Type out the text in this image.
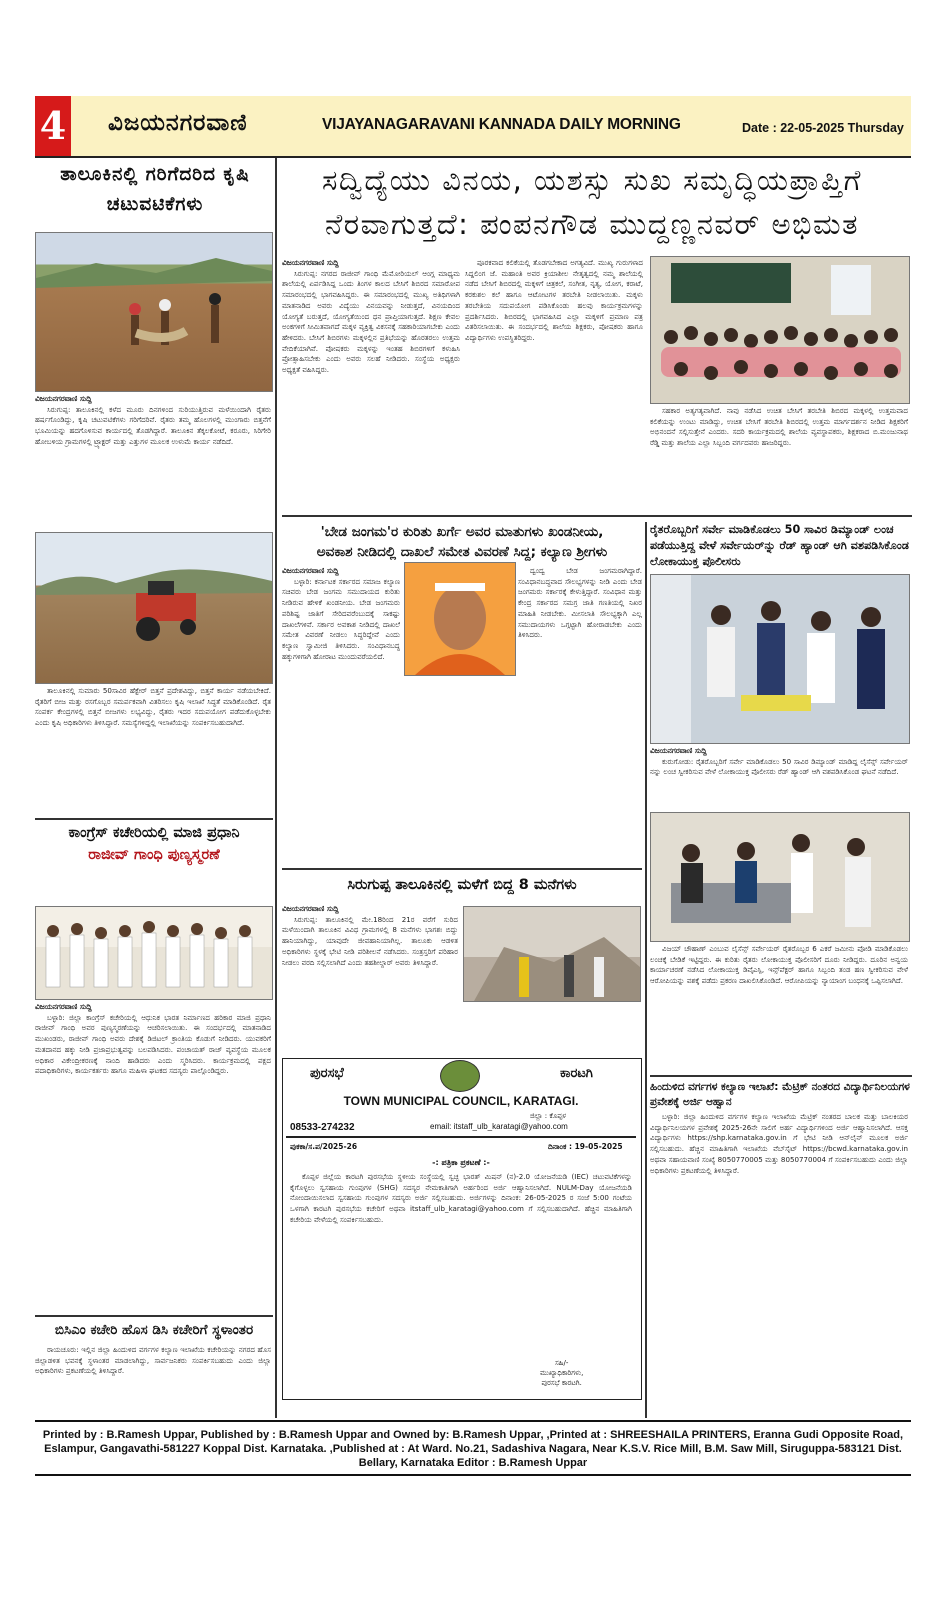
4 ವಿಜಯನಗರವಾಣಿ	VIJAYANAGARAVANI KANNADA DAILY MORNING	Date : 22-05-2025 Thursday
ತಾಲೂಕಿನಲ್ಲಿ ಗರಿಗೆದರಿದ ಕೃಷಿ ಚಟುವಟಿಕೆಗಳು
ವಿಜಯನಗರವಾಣಿ ಸುದ್ದಿ

ಸಿರುಗುಪ್ಪ: ತಾಲೂಕಿನಲ್ಲಿ ಕಳೆದ ಮೂರು ದಿನಗಳಿಂದ ಸುರಿಯುತ್ತಿರುವ ಮಳೆಯಿಂದಾಗಿ ರೈತರು ಹರ್ಷಗೊಂಡಿದ್ದು, ಕೃಷಿ ಚಟುವಟಿಕೆಗಳು ಗರಿಗೆದರಿವೆ. ರೈತರು ತಮ್ಮ ಹೊಲಗಳಲ್ಲಿ ಮುಂಗಾರು ಬಿತ್ತನೆಗೆ ಭೂಮಿಯನ್ನು ಹದಗೊಳಿಸುವ ಕಾರ್ಯದಲ್ಲಿ ತೊಡಗಿದ್ದಾರೆ. ತಾಲೂಕಿನ ತೆಕ್ಕಲಕೋಟೆ, ಕರೂರು, ಸಿರಿಗೇರಿ ಹೋಬಳಿಯ ಗ್ರಾಮಗಳಲ್ಲಿ ಟ್ರ್ಯಾಕ್ಟರ್ ಮತ್ತು ಎತ್ತುಗಳ ಮೂಲಕ ಉಳುಮೆ ಕಾರ್ಯ ನಡೆದಿದೆ.

ತಾಲೂಕಿನಲ್ಲಿ ಸುಮಾರು 50ಸಾವಿರ ಹೆಕ್ಟೇರ್ ಬಿತ್ತನೆ ಪ್ರದೇಶವಿದ್ದು, ಬಿತ್ತನೆ ಕಾರ್ಯ ನಡೆಯಬೇಕಿದೆ. ರೈತರಿಗೆ ಬೀಜ ಮತ್ತು ರಸಗೊಬ್ಬರ ಸಮರ್ಪಕವಾಗಿ ವಿತರಿಸಲು ಕೃಷಿ ಇಲಾಖೆ ಸಿದ್ಧತೆ ಮಾಡಿಕೊಂಡಿದೆ. ರೈತ ಸಂಪರ್ಕ ಕೇಂದ್ರಗಳಲ್ಲಿ ಬಿತ್ತನೆ ಬೀಜಗಳು ಲಭ್ಯವಿದ್ದು, ರೈತರು ಇದರ ಸದುಪಯೋಗ ಪಡೆದುಕೊಳ್ಳಬೇಕು ಎಂದು ಕೃಷಿ ಅಧಿಕಾರಿಗಳು ತಿಳಿಸಿದ್ದಾರೆ. ಸಮಸ್ಯೆಗಳಿದ್ದಲ್ಲಿ ಇಲಾಖೆಯನ್ನು ಸಂಪರ್ಕಿಸಬಹುದಾಗಿದೆ.

ಕಾಂಗ್ರೆಸ್ ಕಚೇರಿಯಲ್ಲಿ ಮಾಜಿ ಪ್ರಧಾನಿ
ರಾಜೀವ್ ಗಾಂಧಿ ಪುಣ್ಯಸ್ಮರಣೆ
ವಿಜಯನಗರವಾಣಿ ಸುದ್ದಿ

ಬಳ್ಳಾರಿ: ಜಿಲ್ಲಾ ಕಾಂಗ್ರೆಸ್ ಕಚೇರಿಯಲ್ಲಿ ಆಧುನಿಕ ಭಾರತ ನಿರ್ಮಾಣದ ಹರಿಕಾರ ಮಾಜಿ ಪ್ರಧಾನಿ ರಾಜೀವ್ ಗಾಂಧಿ ಅವರ ಪುಣ್ಯಸ್ಮರಣೆಯನ್ನು ಆಚರಿಸಲಾಯಿತು. ಈ ಸಂದರ್ಭದಲ್ಲಿ ಮಾತನಾಡಿದ ಮುಖಂಡರು, ರಾಜೀವ್ ಗಾಂಧಿ ಅವರು ದೇಶಕ್ಕೆ ಡಿಜಿಟಲ್ ಕ್ರಾಂತಿಯ ಕೊಡುಗೆ ನೀಡಿದರು. ಯುವಕರಿಗೆ ಮತದಾನದ ಹಕ್ಕು ನೀಡಿ ಪ್ರಜಾಪ್ರಭುತ್ವವನ್ನು ಬಲಪಡಿಸಿದರು. ಪಂಚಾಯತ್ ರಾಜ್ ವ್ಯವಸ್ಥೆಯ ಮೂಲಕ ಅಧಿಕಾರ ವಿಕೇಂದ್ರೀಕರಣಕ್ಕೆ ನಾಂದಿ ಹಾಡಿದರು ಎಂದು ಸ್ಮರಿಸಿದರು. ಕಾರ್ಯಕ್ರಮದಲ್ಲಿ ಪಕ್ಷದ ಪದಾಧಿಕಾರಿಗಳು, ಕಾರ್ಯಕರ್ತರು ಹಾಗೂ ಮಹಿಳಾ ಘಟಕದ ಸದಸ್ಯರು ಪಾಲ್ಗೊಂಡಿದ್ದರು.

ಬಿಸಿಎಂ ಕಚೇರಿ ಹೊಸ ಡಿಸಿ ಕಚೇರಿಗೆ ಸ್ಥಳಾಂತರ

ರಾಯಚೂರು: ಇಲ್ಲಿನ ಜಿಲ್ಲಾ ಹಿಂದುಳಿದ ವರ್ಗಗಳ ಕಲ್ಯಾಣ ಇಲಾಖೆಯ ಕಚೇರಿಯನ್ನು ನಗರದ ಹೊಸ ಜಿಲ್ಲಾಡಳಿತ ಭವನಕ್ಕೆ ಸ್ಥಳಾಂತರ ಮಾಡಲಾಗಿದ್ದು, ಸಾರ್ವಜನಿಕರು ಸಂಪರ್ಕಿಸಬಹುದು ಎಂದು ಜಿಲ್ಲಾ ಅಧಿಕಾರಿಗಳು ಪ್ರಕಟಣೆಯಲ್ಲಿ ತಿಳಿಸಿದ್ದಾರೆ.

ಸದ್ವಿದ್ಯೆಯು ವಿನಯ, ಯಶಸ್ಸು ಸುಖ ಸಮೃದ್ಧಿಯಪ್ರಾಪ್ತಿಗೆ
ನೆರವಾಗುತ್ತದೆ: ಪಂಪನಗೌಡ ಮುದ್ದಣ್ಣನವರ್ ಅಭಿಮತ
ವಿಜಯನಗರವಾಣಿ ಸುದ್ದಿ

ಸಿರುಗುಪ್ಪ: ನಗರದ ರಾಜೀವ್ ಗಾಂಧಿ ಮೆಮೋರಿಯಲ್ ಆಂಗ್ಲ ಮಾಧ್ಯಮ ಶಾಲೆಯಲ್ಲಿ ಏರ್ಪಡಿಸಿದ್ದ ಒಂದು ತಿಂಗಳ ಕಾಲದ ಬೇಸಿಗೆ ಶಿಬಿರದ ಸಮಾರೋಪ ಸಮಾರಂಭದಲ್ಲಿ ಭಾಗವಹಿಸಿದ್ದರು. ಈ ಸಮಾರಂಭದಲ್ಲಿ ಮುಖ್ಯ ಅತಿಥಿಗಳಾಗಿ ಮಾತನಾಡಿದ ಅವರು ವಿದ್ಯೆಯು ವಿನಯವನ್ನು ನೀಡುತ್ತದೆ, ವಿನಯದಿಂದ ಯೋಗ್ಯತೆ ಬರುತ್ತದೆ, ಯೋಗ್ಯತೆಯಿಂದ ಧನ ಪ್ರಾಪ್ತಿಯಾಗುತ್ತದೆ. ಶಿಕ್ಷಣ ಕೇವಲ ಅಂಕಗಳಿಗೆ ಸೀಮಿತವಾಗದೆ ಮಕ್ಕಳ ವ್ಯಕ್ತಿತ್ವ ವಿಕಸನಕ್ಕೆ ಸಹಕಾರಿಯಾಗಬೇಕು ಎಂದು ಹೇಳಿದರು. ಬೇಸಿಗೆ ಶಿಬಿರಗಳು ಮಕ್ಕಳಲ್ಲಿನ ಪ್ರತಿಭೆಯನ್ನು ಹೊರತರಲು ಉತ್ತಮ ವೇದಿಕೆಯಾಗಿವೆ. ಪೋಷಕರು ಮಕ್ಕಳನ್ನು ಇಂತಹ ಶಿಬಿರಗಳಿಗೆ ಕಳುಹಿಸಿ ಪ್ರೋತ್ಸಾಹಿಸಬೇಕು ಎಂದು ಅವರು ಸಲಹೆ ನೀಡಿದರು. ಸಂಸ್ಥೆಯ ಅಧ್ಯಕ್ಷರು ಅಧ್ಯಕ್ಷತೆ ವಹಿಸಿದ್ದರು.

ಪೂರಕವಾದ ಕಲಿಕೆಯಲ್ಲಿ ತೊಡಗಬೇಕಾದ ಅಗತ್ಯವಿದೆ. ಮುಖ್ಯ ಗುರುಗಳಾದ ಸಿದ್ದಲಿಂಗ ಜೆ. ಮಹಾಂತಿ ಅವರ ಕ್ರಿಯಾಶೀಲ ನೇತೃತ್ವದಲ್ಲಿ ನಮ್ಮ ಶಾಲೆಯಲ್ಲಿ ನಡೆದ ಬೇಸಿಗೆ ಶಿಬಿರದಲ್ಲಿ ಮಕ್ಕಳಿಗೆ ಚಿತ್ರಕಲೆ, ಸಂಗೀತ, ನೃತ್ಯ, ಯೋಗ, ಕರಾಟೆ, ಕರಕುಶಲ ಕಲೆ ಹಾಗೂ ಆಟೋಟಗಳ ತರಬೇತಿ ನೀಡಲಾಯಿತು. ಮಕ್ಕಳು ತರಬೇತಿಯ ಸದುಪಯೋಗ ಪಡಿಸಿಕೊಂಡು ಹಲವು ಕಾರ್ಯಕ್ರಮಗಳನ್ನು ಪ್ರದರ್ಶಿಸಿದರು. ಶಿಬಿರದಲ್ಲಿ ಭಾಗವಹಿಸಿದ ಎಲ್ಲಾ ಮಕ್ಕಳಿಗೆ ಪ್ರಮಾಣ ಪತ್ರ ವಿತರಿಸಲಾಯಿತು. ಈ ಸಂದರ್ಭದಲ್ಲಿ ಶಾಲೆಯ ಶಿಕ್ಷಕರು, ಪೋಷಕರು ಹಾಗೂ ವಿದ್ಯಾರ್ಥಿಗಳು ಉಪಸ್ಥಿತರಿದ್ದರು.

ಸಹಕಾರ ಅತ್ಯಗತ್ಯವಾಗಿದೆ. ನಾವು ನಡೆಸಿದ ಉಚಿತ ಬೇಸಿಗೆ ತರಬೇತಿ ಶಿಬಿರದ ಮಕ್ಕಳಲ್ಲಿ ಉತ್ತಮವಾದ ಕಲಿಕೆಯನ್ನು ಉಂಟು ಮಾಡಿದ್ದು, ಉಚಿತ ಬೇಸಿಗೆ ತರಬೇತಿ ಶಿಬಿರದಲ್ಲಿ ಉತ್ತಮ ಮಾರ್ಗದರ್ಶನ ನೀಡಿದ ಶಿಕ್ಷಕರಿಗೆ ಅಭಿನಂದನೆ ಸಲ್ಲಿಸುತ್ತೇನೆ ಎಂದರು. ಸದರಿ ಕಾರ್ಯಕ್ರಮದಲ್ಲಿ ಶಾಲೆಯ ವ್ಯವಸ್ಥಾಪಕರು, ಶಿಕ್ಷಕರಾದ ಬಿ.ಮಂಜುನಾಥ ರೆಡ್ಡಿ ಮತ್ತು ಶಾಲೆಯ ಎಲ್ಲಾ ಸಿಬ್ಬಂದಿ ವರ್ಗದವರು ಹಾಜರಿದ್ದರು.

'ಬೇಡ ಜಂಗಮ'ರ ಕುರಿತು ಖರ್ಗೆ ಅವರ ಮಾತುಗಳು ಖಂಡನೀಯ,
ಅವಕಾಶ ನೀಡಿದಲ್ಲಿ ದಾಖಲೆ ಸಮೇತ ವಿವರಣೆ ಸಿದ್ದ; ಕಲ್ಯಾಣ ಶ್ರೀಗಳು
ವಿಜಯನಗರವಾಣಿ ಸುದ್ದಿ

ಬಳ್ಳಾರಿ: ಕರ್ನಾಟಕ ಸರ್ಕಾರದ ಸಮಾಜ ಕಲ್ಯಾಣ ಸಚಿವರು ಬೇಡ ಜಂಗಮ ಸಮುದಾಯದ ಕುರಿತು ನೀಡಿರುವ ಹೇಳಿಕೆ ಖಂಡನೀಯ. ಬೇಡ ಜಂಗಮರು ಪರಿಶಿಷ್ಟ ಜಾತಿಗೆ ಸೇರಿದವರೆಂಬುದಕ್ಕೆ ಸಾಕಷ್ಟು ದಾಖಲೆಗಳಿವೆ. ಸರ್ಕಾರ ಅವಕಾಶ ನೀಡಿದಲ್ಲಿ ದಾಖಲೆ ಸಮೇತ ವಿವರಣೆ ನೀಡಲು ಸಿದ್ಧರಿದ್ದೇವೆ ಎಂದು ಕಲ್ಯಾಣ ಸ್ವಾಮೀಜಿ ತಿಳಿಸಿದರು. ಸಂವಿಧಾನಬದ್ಧ ಹಕ್ಕುಗಳಿಗಾಗಿ ಹೋರಾಟ ಮುಂದುವರೆಯಲಿದೆ.

ದ್ವಂದ್ವ ಬೇಡ ಜಂಗಮರಾಗಿದ್ದಾರೆ. ಸಂವಿಧಾನಬದ್ಧವಾದ ಸೌಲಭ್ಯಗಳನ್ನು ನೀಡಿ ಎಂದು ಬೇಡ ಜಂಗಮರು ಸರ್ಕಾರಕ್ಕೆ ಕೇಳುತ್ತಿದ್ದಾರೆ. ಸಂವಿಧಾನ ಮತ್ತು ಕೇಂದ್ರ ಸರ್ಕಾರದ ಸಮಗ್ರ ಜಾತಿ ಗಣತಿಯಲ್ಲಿ ನಿಖರ ಮಾಹಿತಿ ನೀಡಬೇಕು. ಮೀಸಲಾತಿ ಸೌಲಭ್ಯಕ್ಕಾಗಿ ಎಲ್ಲ ಸಮುದಾಯಗಳು ಒಗ್ಗಟ್ಟಾಗಿ ಹೋರಾಡಬೇಕು ಎಂದು ತಿಳಿಸಿದರು.

ಸಿರುಗುಪ್ಪ ತಾಲೂಕಿನಲ್ಲಿ ಮಳೆಗೆ ಬಿದ್ದ 8 ಮನೆಗಳು
ವಿಜಯನಗರವಾಣಿ ಸುದ್ದಿ

ಸಿರುಗುಪ್ಪ: ತಾಲೂಕಿನಲ್ಲಿ ಮೇ.18ರಿಂದ 21ರ ವರೆಗೆ ಸುರಿದ ಮಳೆಯಿಂದಾಗಿ ತಾಲೂಕಿನ ವಿವಿಧ ಗ್ರಾಮಗಳಲ್ಲಿ 8 ಮನೆಗಳು ಭಾಗಶಃ ಬಿದ್ದು ಹಾನಿಯಾಗಿದ್ದು, ಯಾವುದೇ ಜೀವಹಾನಿಯಾಗಿಲ್ಲ. ತಾಲೂಕು ಆಡಳಿತ ಅಧಿಕಾರಿಗಳು ಸ್ಥಳಕ್ಕೆ ಭೇಟಿ ನೀಡಿ ಪರಿಶೀಲನೆ ನಡೆಸಿದರು. ಸಂತ್ರಸ್ತರಿಗೆ ಪರಿಹಾರ ನೀಡಲು ವರದಿ ಸಲ್ಲಿಸಲಾಗಿದೆ ಎಂದು ತಹಶೀಲ್ದಾರ್ ಅವರು ತಿಳಿಸಿದ್ದಾರೆ.

ಪುರಸಭೆ	ಕಾರಟಗಿ
TOWN MUNICIPAL COUNCIL, KARATAGI.
ಜಿಲ್ಲಾ : ಕೊಪ್ಪಳ
08533-274232	email: itstaff_ulb_karatagi@yahoo.com
ಪುಕಕಾ/ಸ.ಪ/2025-26	ದಿನಾಂಕ : 19-05-2025
-: ಪತ್ರಿಕಾ ಪ್ರಕಟಣೆ :-

ಕೊಪ್ಪಳ ಜಿಲ್ಲೆಯ ಕಾರಟಗಿ ಪುರಸಭೆಯ ಸ್ಥಳೀಯ ಸಂಸ್ಥೆಯಲ್ಲಿ ಸ್ವಚ್ಛ ಭಾರತ್ ಮಿಷನ್ (ನ)-2.0 ಯೋಜನೆಯಡಿ (IEC) ಚಟುವಟಿಕೆಗಳನ್ನು ಕೈಗೊಳ್ಳಲು ಸ್ವಸಹಾಯ ಗುಂಪುಗಳ (SHG) ಸದಸ್ಯರ ನೇಮಕಾತಿಗಾಗಿ ಅರ್ಹರಿಂದ ಅರ್ಜಿ ಆಹ್ವಾನಿಸಲಾಗಿದೆ. NULM-Day ಯೋಜನೆಯಡಿ ನೋಂದಾಯಿಸಲಾದ ಸ್ವಸಹಾಯ ಗುಂಪುಗಳ ಸದಸ್ಯರು ಅರ್ಜಿ ಸಲ್ಲಿಸಬಹುದು. ಅರ್ಜಿಗಳನ್ನು ದಿನಾಂಕ: 26-05-2025 ರ ಸಂಜೆ 5:00 ಗಂಟೆಯ ಒಳಗಾಗಿ ಕಾರಟಗಿ ಪುರಸಭೆಯ ಕಚೇರಿಗೆ ಅಥವಾ itstaff_ulb_karatagi@yahoo.com ಗೆ ಸಲ್ಲಿಸಬಹುದಾಗಿದೆ. ಹೆಚ್ಚಿನ ಮಾಹಿತಿಗಾಗಿ ಕಚೇರಿಯ ವೇಳೆಯಲ್ಲಿ ಸಂಪರ್ಕಿಸಬಹುದು.

ಸಹಿ/-
ಮುಖ್ಯಾಧಿಕಾರಿಗಳು,
ಪುರಸಭೆ ಕಾರಟಗಿ.
ರೈತರೊಬ್ಬರಿಗೆ ಸರ್ವೇ ಮಾಡಿಕೊಡಲು 50 ಸಾವಿರ ಡಿಮ್ಯಾಂಡ್ ಲಂಚ ಪಡೆಯುತ್ತಿದ್ದ ವೇಳೆ ಸರ್ವೇಯರ್‌ನ್ನು ರೆಡ್ ಹ್ಯಾಂಡ್ ಆಗಿ ವಶಪಡಿಸಿಕೊಂಡ ಲೋಕಾಯುಕ್ತ ಪೊಲೀಸರು
ವಿಜಯನಗರವಾಣಿ ಸುದ್ದಿ

ಕುರುಗೋಡು: ರೈತರೊಬ್ಬರಿಗೆ ಸರ್ವೇ ಮಾಡಿಕೊಡಲು 50 ಸಾವಿರ ಡಿಮ್ಯಾಂಡ್ ಮಾಡಿದ್ದ ಲೈಸೆನ್ಸ್ ಸರ್ವೇಯರ್ ನನ್ನು ಲಂಚ ಸ್ವೀಕರಿಸುವ ವೇಳೆ ಲೋಕಾಯುಕ್ತ ಪೊಲೀಸರು ರೆಡ್ ಹ್ಯಾಂಡ್ ಆಗಿ ವಶಪಡಿಸಿಕೊಂಡ ಘಟನೆ ನಡೆದಿದೆ.

ವಿಜಯ್ ಚೌಹಾಣ್ ಎಂಬುವ ಲೈಸೆನ್ಸ್ ಸರ್ವೇಯರ್ ರೈತರೊಬ್ಬರ 6 ಎಕರೆ ಜಮೀನು ಪೋಡಿ ಮಾಡಿಕೊಡಲು ಲಂಚಕ್ಕೆ ಬೇಡಿಕೆ ಇಟ್ಟಿದ್ದರು. ಈ ಕುರಿತು ರೈತರು ಲೋಕಾಯುಕ್ತ ಪೊಲೀಸರಿಗೆ ದೂರು ನೀಡಿದ್ದರು. ದೂರಿನ ಅನ್ವಯ ಕಾರ್ಯಾಚರಣೆ ನಡೆಸಿದ ಲೋಕಾಯುಕ್ತ ಡಿವೈಎಸ್ಪಿ, ಇನ್ಸ್‌ಪೆಕ್ಟರ್ ಹಾಗೂ ಸಿಬ್ಬಂದಿ ತಂಡ ಹಣ ಸ್ವೀಕರಿಸುವ ವೇಳೆ ಆರೋಪಿಯನ್ನು ವಶಕ್ಕೆ ಪಡೆದು ಪ್ರಕರಣ ದಾಖಲಿಸಿಕೊಂಡಿದೆ. ಆರೋಪಿಯನ್ನು ನ್ಯಾಯಾಂಗ ಬಂಧನಕ್ಕೆ ಒಪ್ಪಿಸಲಾಗಿದೆ.

ಹಿಂದುಳಿದ ವರ್ಗಗಳ ಕಲ್ಯಾಣ ಇಲಾಖೆ: ಮೆಟ್ರಿಕ್ ನಂತರದ ವಿದ್ಯಾರ್ಥಿನಿಲಯಗಳ ಪ್ರವೇಶಕ್ಕೆ ಅರ್ಜಿ ಆಹ್ವಾನ

ಬಳ್ಳಾರಿ: ಜಿಲ್ಲಾ ಹಿಂದುಳಿದ ವರ್ಗಗಳ ಕಲ್ಯಾಣ ಇಲಾಖೆಯ ಮೆಟ್ರಿಕ್ ನಂತರದ ಬಾಲಕ ಮತ್ತು ಬಾಲಕಿಯರ ವಿದ್ಯಾರ್ಥಿನಿಲಯಗಳ ಪ್ರವೇಶಕ್ಕೆ 2025-26ನೇ ಸಾಲಿಗೆ ಅರ್ಹ ವಿದ್ಯಾರ್ಥಿಗಳಿಂದ ಅರ್ಜಿ ಆಹ್ವಾನಿಸಲಾಗಿದೆ. ಆಸಕ್ತ ವಿದ್ಯಾರ್ಥಿಗಳು https://shp.karnataka.gov.in ಗೆ ಭೇಟಿ ನೀಡಿ ಆನ್‌ಲೈನ್ ಮೂಲಕ ಅರ್ಜಿ ಸಲ್ಲಿಸಬಹುದು. ಹೆಚ್ಚಿನ ಮಾಹಿತಿಗಾಗಿ ಇಲಾಖೆಯ ವೆಬ್‌ಸೈಟ್ https://bcwd.karnataka.gov.in ಅಥವಾ ಸಹಾಯವಾಣಿ ಸಂಖ್ಯೆ 8050770005 ಮತ್ತು 8050770004 ಗೆ ಸಂಪರ್ಕಿಸಬಹುದು ಎಂದು ಜಿಲ್ಲಾ ಅಧಿಕಾರಿಗಳು ಪ್ರಕಟಣೆಯಲ್ಲಿ ತಿಳಿಸಿದ್ದಾರೆ.

Printed by : B.Ramesh Uppar, Published by : B.Ramesh Uppar and Owned by: B.Ramesh Uppar, ,Printed at : SHREESHAILA PRINTERS, Eranna Gudi Opposite Road,
Eslampur, Gangavathi-581227 Koppal Dist. Karnataka. ,Published at : At Ward. No.21, Sadashiva Nagara, Near K.S.V. Rice Mill, B.M. Saw Mill, Siruguppa-583121 Dist.
Bellary, Karnataka Editor : B.Ramesh Uppar
